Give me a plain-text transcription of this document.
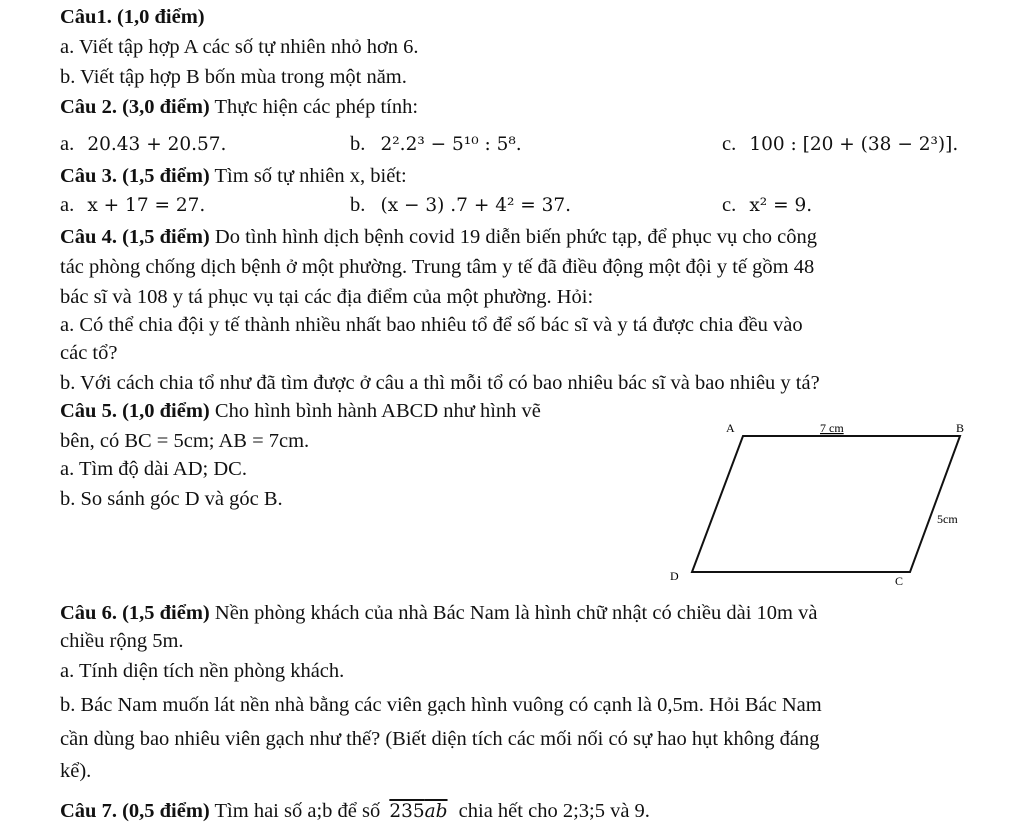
Câu1. (1,0 điểm)
a. Viết tập hợp A các số tự nhiên nhỏ hơn 6.
b. Viết tập hợp B bốn mùa trong một năm.
Câu 2. (3,0 điểm) Thực hiện các phép tính:
a. 20.43 + 20.57.	b. 2².2³ − 5¹⁰ : 5⁸.	c. 100 : [20 + (38 − 2³)].
Câu 3. (1,5 điểm) Tìm số tự nhiên x, biết:
a. x + 17 = 27.	b. (x − 3) .7 + 4² = 37.	c. x² = 9.
Câu 4. (1,5 điểm) Do tình hình dịch bệnh covid 19 diễn biến phức tạp, để phục vụ cho công
tác phòng chống dịch bệnh ở một phường. Trung tâm y tế đã điều động một đội y tế gồm 48
bác sĩ và 108 y tá phục vụ tại các địa điểm của một phường. Hỏi:
a. Có thể chia đội y tế thành nhiều nhất bao nhiêu tổ để số bác sĩ và y tá được chia đều vào
các tổ?
b. Với cách chia tổ như đã tìm được ở câu a thì mỗi tổ có bao nhiêu bác sĩ và bao nhiêu y tá?
Câu 5. (1,0 điểm) Cho hình bình hành ABCD như hình vẽ
bên, có BC = 5cm; AB = 7cm.
a. Tìm độ dài AD; DC.
b. So sánh góc D và góc B.
A	B
C
D
7 cm
5cm
Câu 6. (1,5 điểm) Nền phòng khách của nhà Bác Nam là hình chữ nhật có chiều dài 10m và
chiều rộng 5m.
a. Tính diện tích nền phòng khách.
b. Bác Nam muốn lát nền nhà bằng các viên gạch hình vuông có cạnh là 0,5m. Hỏi Bác Nam
cần dùng bao nhiêu viên gạch như thế? (Biết diện tích các mối nối có sự hao hụt không đáng
kể).
Câu 7. (0,5 điểm) Tìm hai số a;b để số 235ab chia hết cho 2;3;5 và 9.
